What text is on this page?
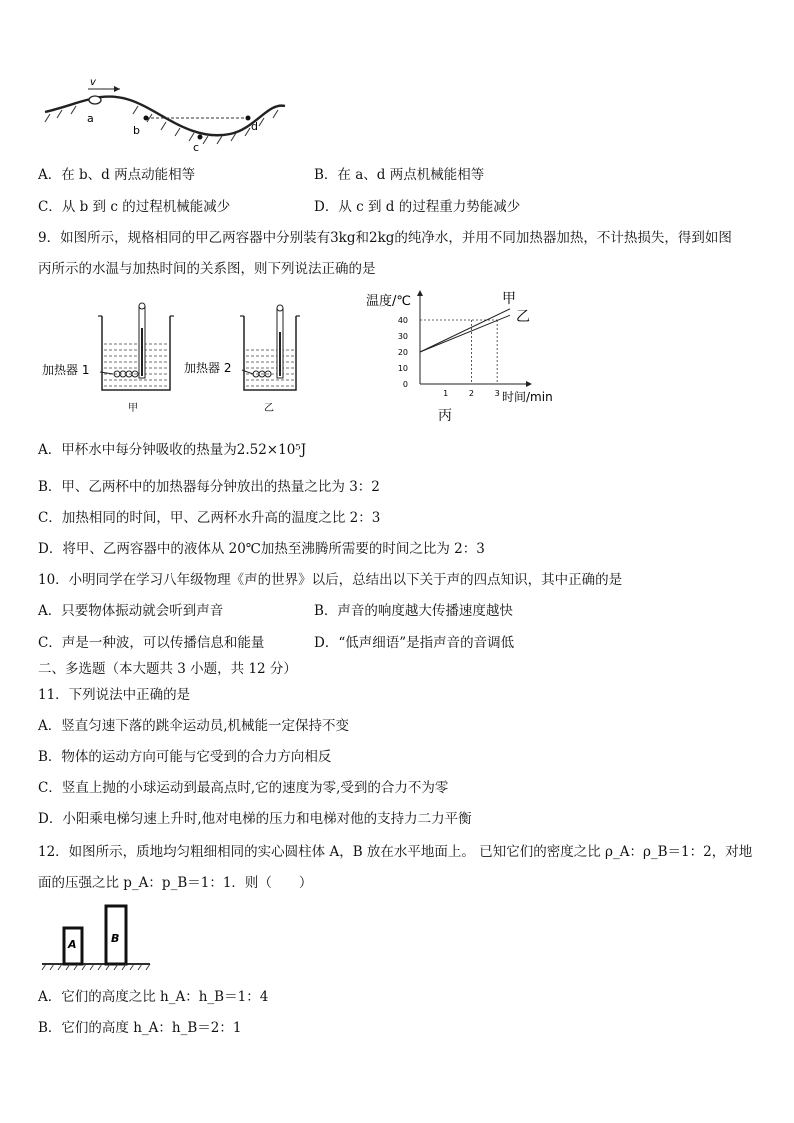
v
a
b
c
d
A．在 b、d 两点动能相等	B．在 a、d 两点机械能相等
C．从 b 到 c 的过程机械能减少	D．从 c 到 d 的过程重力势能减少
9．如图所示，规格相同的甲乙两容器中分别装有3kg和2kg的纯净水，并用不同加热器加热，不计热损失，得到如图
丙所示的水温与加热时间的关系图，则下列说法正确的是
加热器 1
甲
加热器 2
乙
温度/℃
0
10
20
30
40
1	2	3
甲
乙
时间/min
丙
A．甲杯水中每分钟吸收的热量为2.52×10⁵J
B．甲、乙两杯中的加热器每分钟放出的热量之比为 3：2
C．加热相同的时间，甲、乙两杯水升高的温度之比 2：3
D．将甲、乙两容器中的液体从 20℃加热至沸腾所需要的时间之比为 2：3
10．小明同学在学习八年级物理《声的世界》以后，总结出以下关于声的四点知识，其中正确的是
A．只要物体振动就会听到声音	B．声音的响度越大传播速度越快
C．声是一种波，可以传播信息和能量	D．“低声细语”是指声音的音调低
二、多选题（本大题共 3 小题，共 12 分）
11．下列说法中正确的是
A．竖直匀速下落的跳伞运动员,机械能一定保持不变
B．物体的运动方向可能与它受到的合力方向相反
C．竖直上抛的小球运动到最高点时,它的速度为零,受到的合力不为零
D．小阳乘电梯匀速上升时,他对电梯的压力和电梯对他的支持力二力平衡
12．如图所示，质地均匀粗细相同的实心圆柱体 A，B 放在水平地面上。 已知它们的密度之比 ρ_A：ρ_B＝1：2，对地
面的压强之比 p_A：p_B＝1：1．则（　　）
A	B
A．它们的高度之比 h_A：h_B＝1：4
B．它们的高度 h_A：h_B＝2：1
